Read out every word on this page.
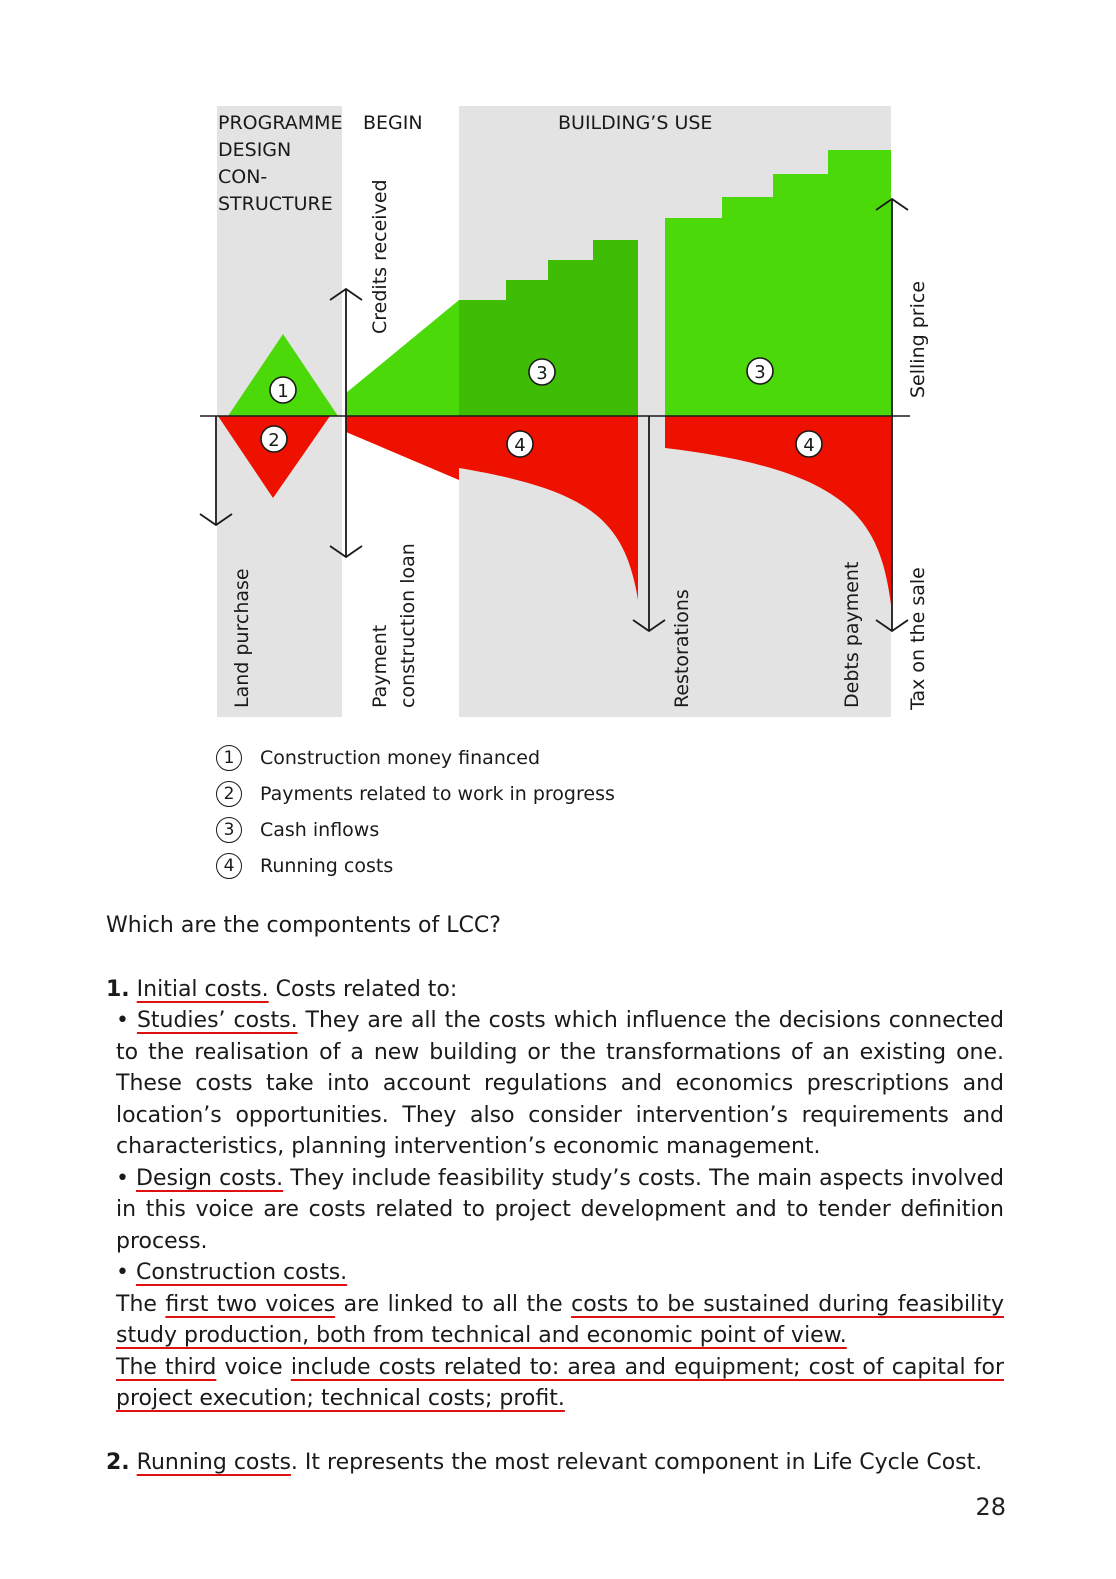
PROGRAMME
DESIGN
CON-
STRUCTURE
BEGIN	BUILDING’S USE
Land purchase
Credits received
Payment construction loan	Restorations	Debts payment
Selling price
Tax on the sale
1
2
3
4
3
4
1	Construction money financed
2	Payments related to work in progress
3	Cash inflows
4	Running costs

Which are the compontents of LCC?

1. Initial costs. Costs related to:

• Studies’ costs. They are all the costs which influence the decisions connected to the realisation of a new building or the transformations of an existing one. These costs take into account regulations and economics prescriptions and location’s opportunities. They also consider intervention’s requirements and characteristics, planning intervention’s economic management.

• Design costs. They include feasibility study’s costs. The main aspects involved in this voice are costs related to project development and to tender definition process.

• Construction costs.

The first two voices are linked to all the costs to be sustained during feasibility study production, both from technical and economic point of view.

The third voice include costs related to: area and equipment; cost of capital for project execution; technical costs; profit.

2. Running costs. It represents the most relevant component in Life Cycle Cost.

28
